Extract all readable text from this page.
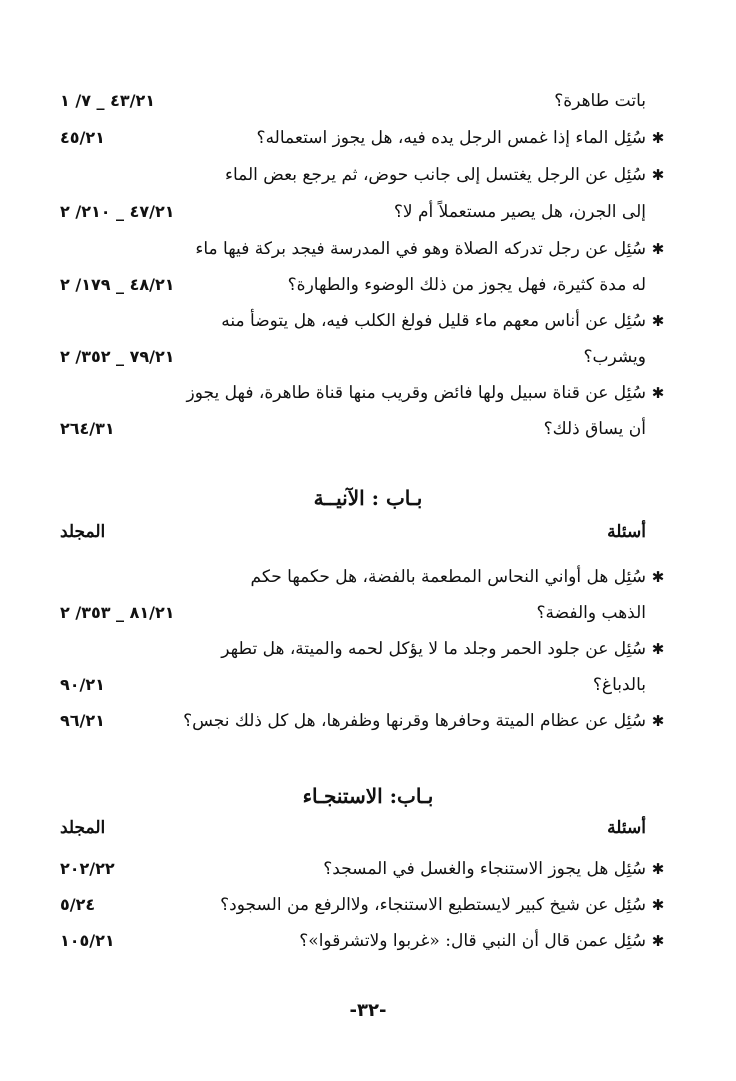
باتت طاهرة؟
٤٣/٢١ _ ٧/ ١
✱سُئِل الماء إذا غمس الرجل يده فيه، هل يجوز استعماله؟
٤٥/٢١
✱سُئِل عن الرجل يغتسل إلى جانب حوض، ثم يرجع بعض الماء
إلى الجرن، هل يصير مستعملاً أم لا؟
٤٧/٢١ _ ٢١٠/ ٢
✱سُئِل عن رجل تدركه الصلاة وهو في المدرسة فيجد بركة فيها ماء
له مدة كثيرة، فهل يجوز من ذلك الوضوء والطهارة؟
٤٨/٢١ _ ١٧٩/ ٢
✱سُئِل عن أناس معهم ماء قليل فولغ الكلب فيه، هل يتوضأ منه
ويشرب؟
٧٩/٢١ _ ٣٥٢/ ٢
✱سُئِل عن قناة سبيل ولها فائض وقريب منها قناة طاهرة، فهل يجوز
أن يساق ذلك؟
٢٦٤/٣١
بـاب : الآنيــة
أسئلة
المجلد
✱سُئِل هل أواني النحاس المطعمة بالفضة، هل حكمها حكم
الذهب والفضة؟
٨١/٢١ _ ٣٥٣/ ٢
✱سُئِل عن جلود الحمر وجلد ما لا يؤكل لحمه والميتة، هل تطهر
بالدباغ؟
٩٠/٢١
✱سُئِل عن عظام الميتة وحافرها وقرنها وظفرها، هل كل ذلك نجس؟
٩٦/٢١
بـاب: الاستنجـاء
أسئلة
المجلد
✱سُئِل هل يجوز الاستنجاء والغسل في المسجد؟
٢٠٢/٢٢
✱سُئِل عن شيخ كبير لايستطيع الاستنجاء، ولاالرفع من السجود؟
٥/٢٤
✱سُئِل عمن قال أن النبي قال: «غربوا ولاتشرقوا»؟
١٠٥/٢١
-٣٢-
